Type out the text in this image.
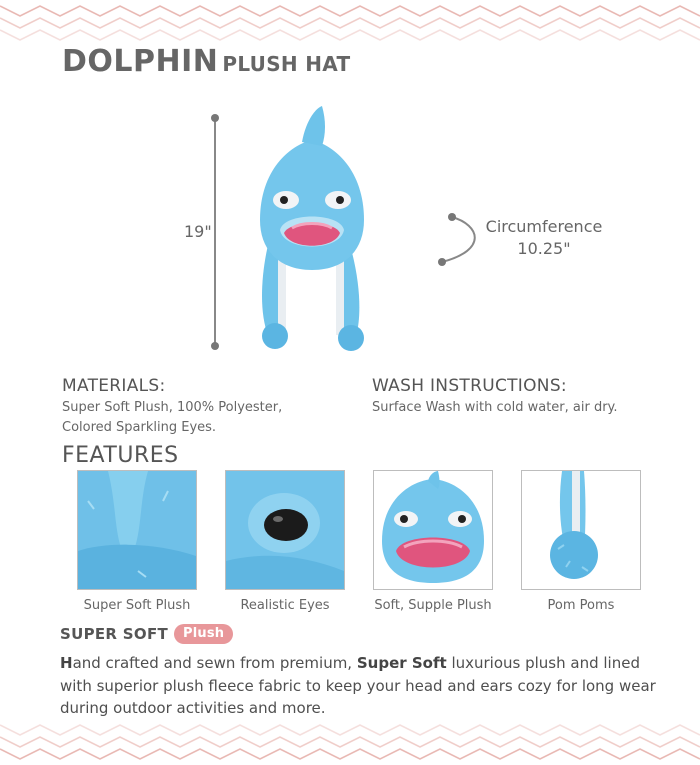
DOLPHIN PLUSH HAT
19"	Circumference
10.25"
MATERIALS:
Super Soft Plush, 100% Polyester,
Colored Sparkling Eyes.
WASH INSTRUCTIONS:
Surface Wash with cold water, air dry.
FEATURES
Super Soft Plush	Realistic Eyes	Soft, Supple Plush	Pom Poms
SUPER SOFT	Plush
Hand crafted and sewn from premium, Super Soft luxurious plush and lined with superior plush fleece fabric to keep your head and ears cozy for long wear during outdoor activities and more.
